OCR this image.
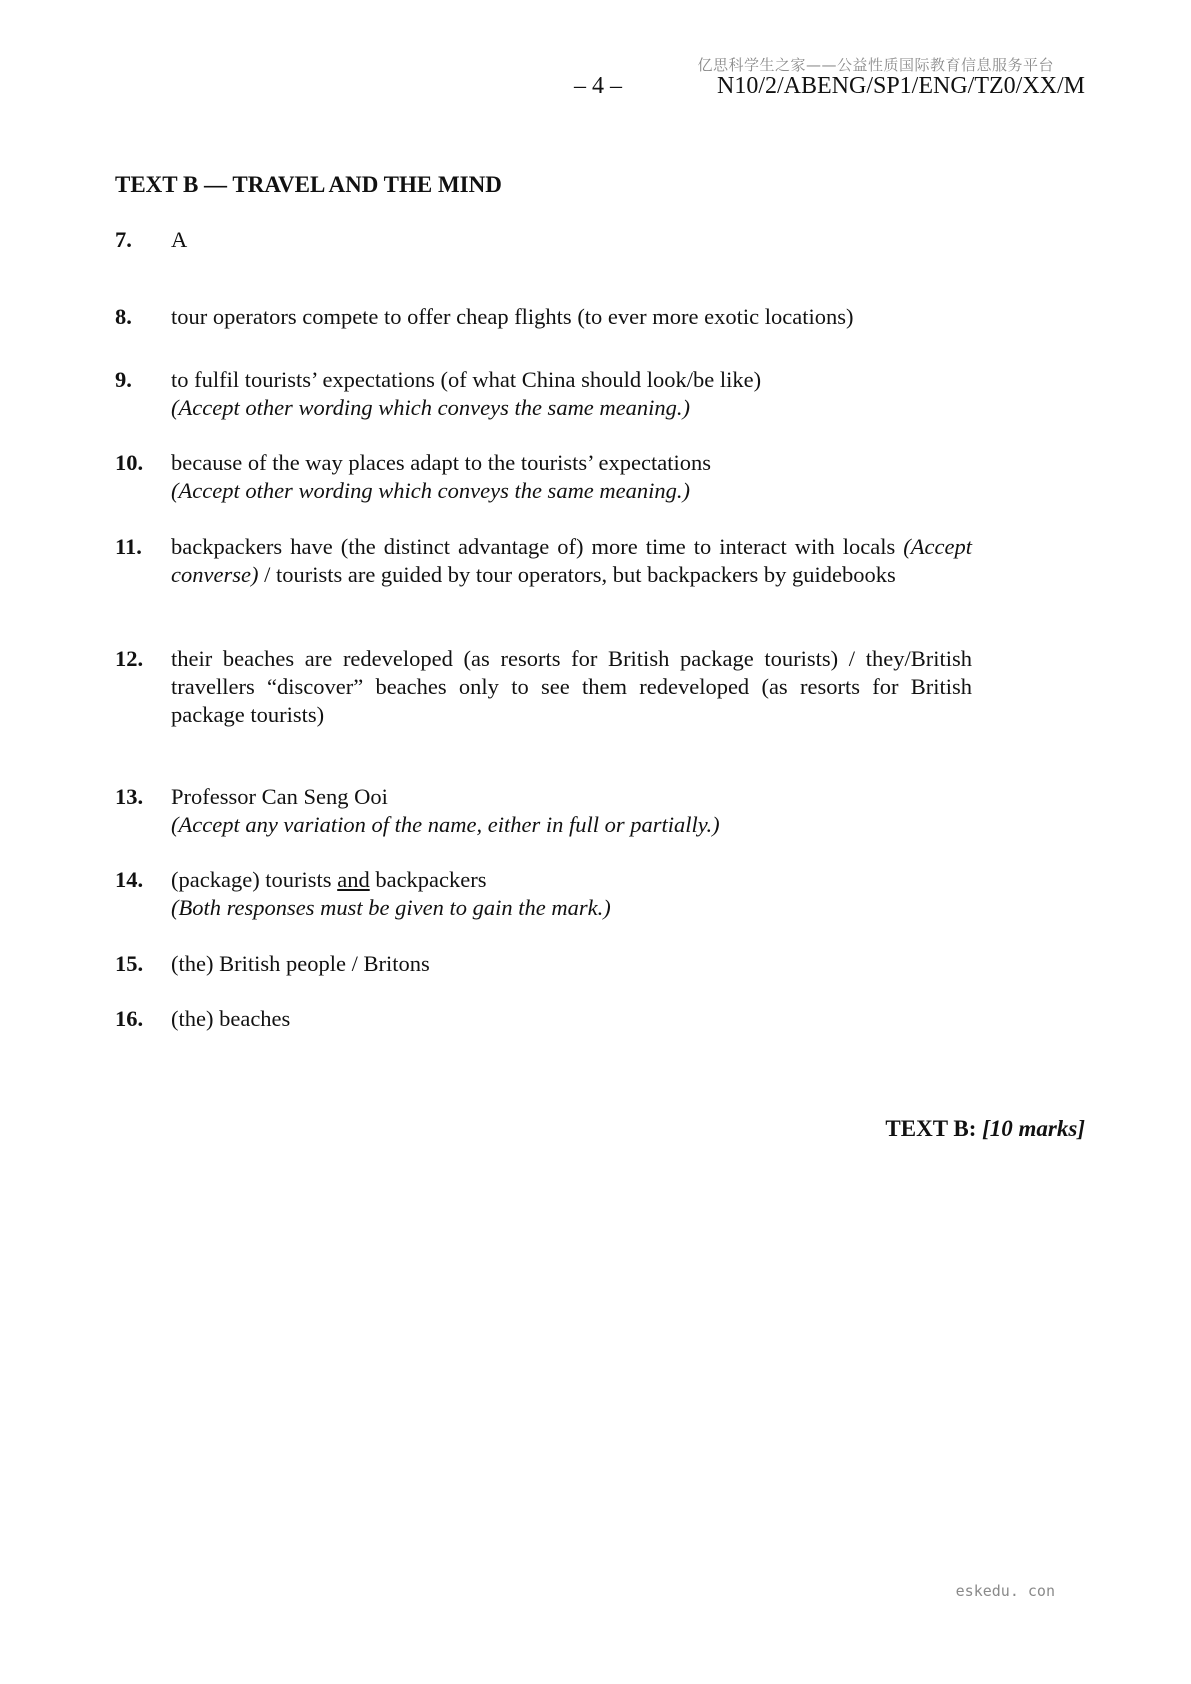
亿思科学生之家——公益性质国际教育信息服务平台
– 4 –	N10/2/ABENG/SP1/ENG/TZ0/XX/M
TEXT B — TRAVEL AND THE MIND
7. A
8. tour operators compete to offer cheap flights (to ever more exotic locations)
9. to fulfil tourists’ expectations (of what China should look/be like)
(Accept other wording which conveys the same meaning.)
10. because of the way places adapt to the tourists’ expectations
(Accept other wording which conveys the same meaning.)
11. backpackers have (the distinct advantage of) more time to interact with locals (Accept converse) / tourists are guided by tour operators, but backpackers by guidebooks
12. their beaches are redeveloped (as resorts for British package tourists) / they/British travellers “discover” beaches only to see them redeveloped (as resorts for British package tourists)
13. Professor Can Seng Ooi
(Accept any variation of the name, either in full or partially.)
14. (package) tourists and backpackers
(Both responses must be given to gain the mark.)
15. (the) British people / Britons
16. (the) beaches
TEXT B: [10 marks]
eskedu. con
